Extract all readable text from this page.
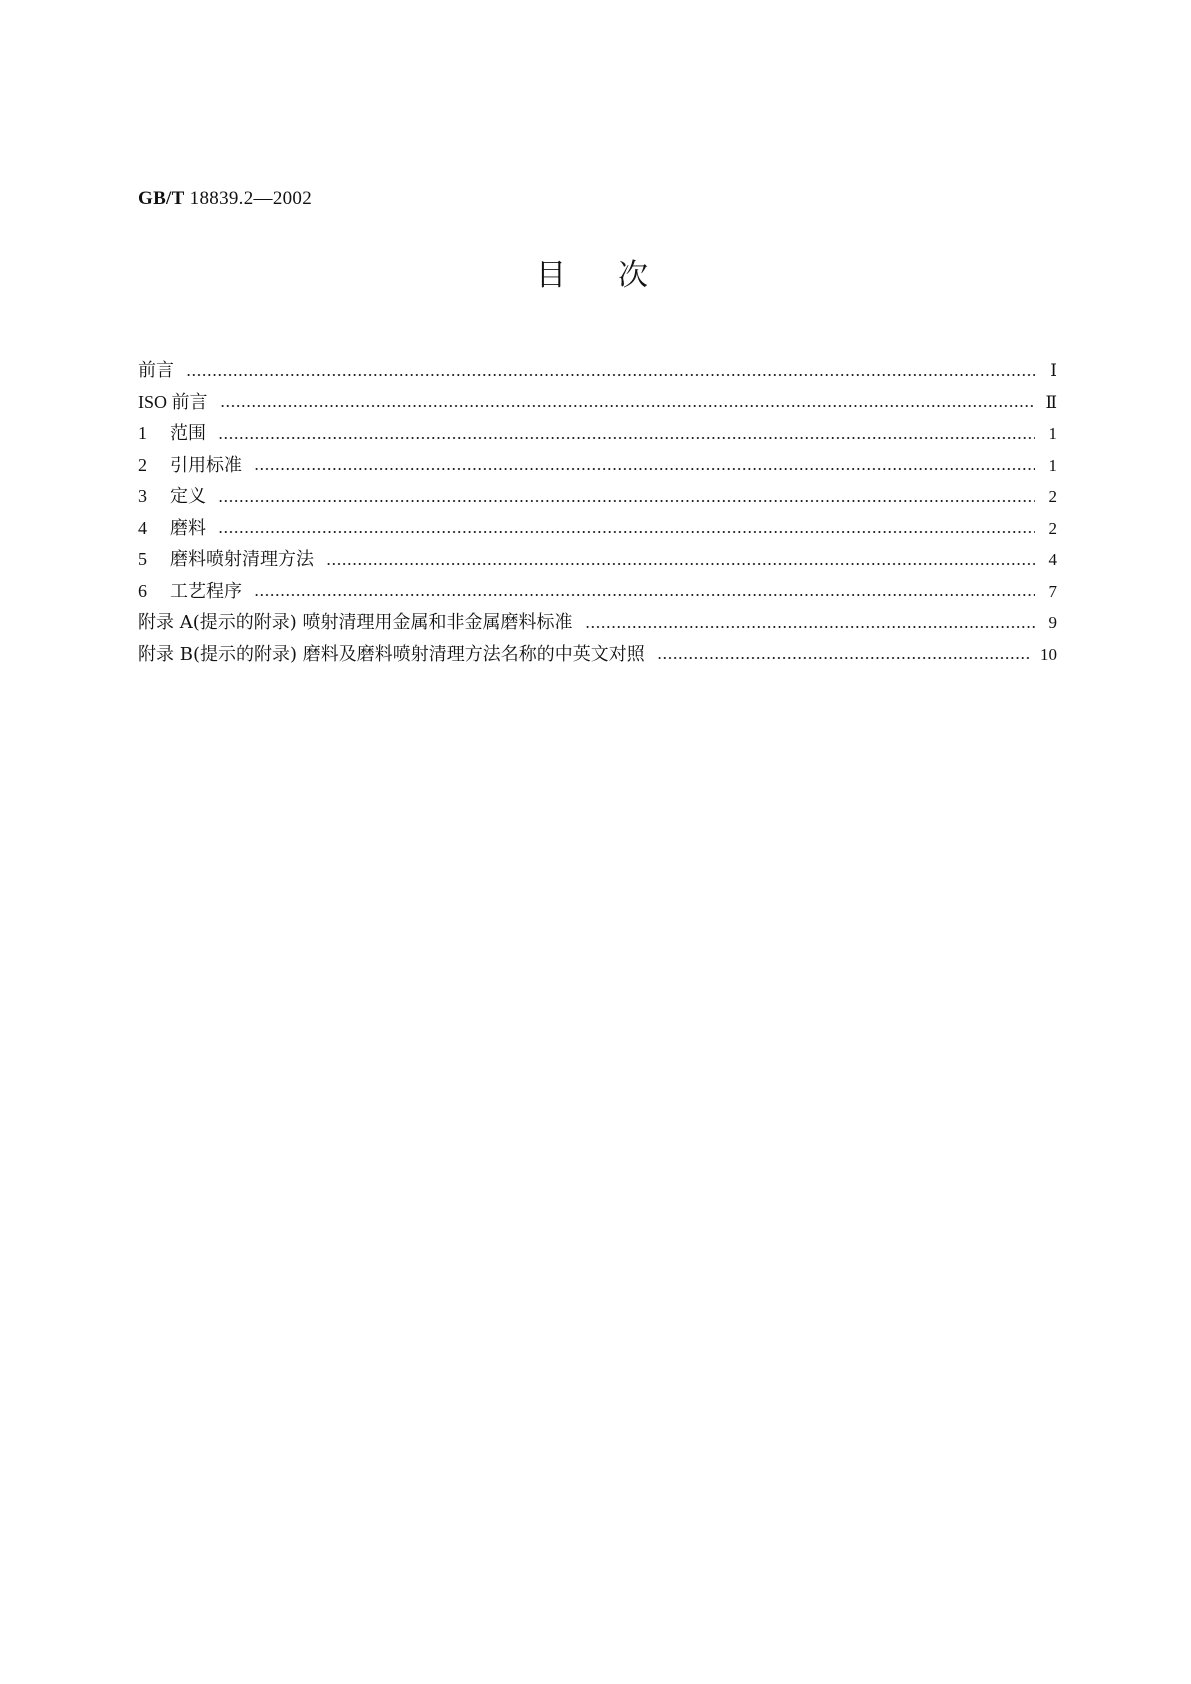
GB/T 18839.2—2002
目次
前言	Ⅰ
ISO 前言	Ⅱ
1	范围	1
2	引用标准	1
3	定义	2
4	磨料	2
5	磨料喷射清理方法	4
6	工艺程序	7
附录 A(提示的附录) 喷射清理用金属和非金属磨料标准	9
附录 B(提示的附录) 磨料及磨料喷射清理方法名称的中英文对照	10
